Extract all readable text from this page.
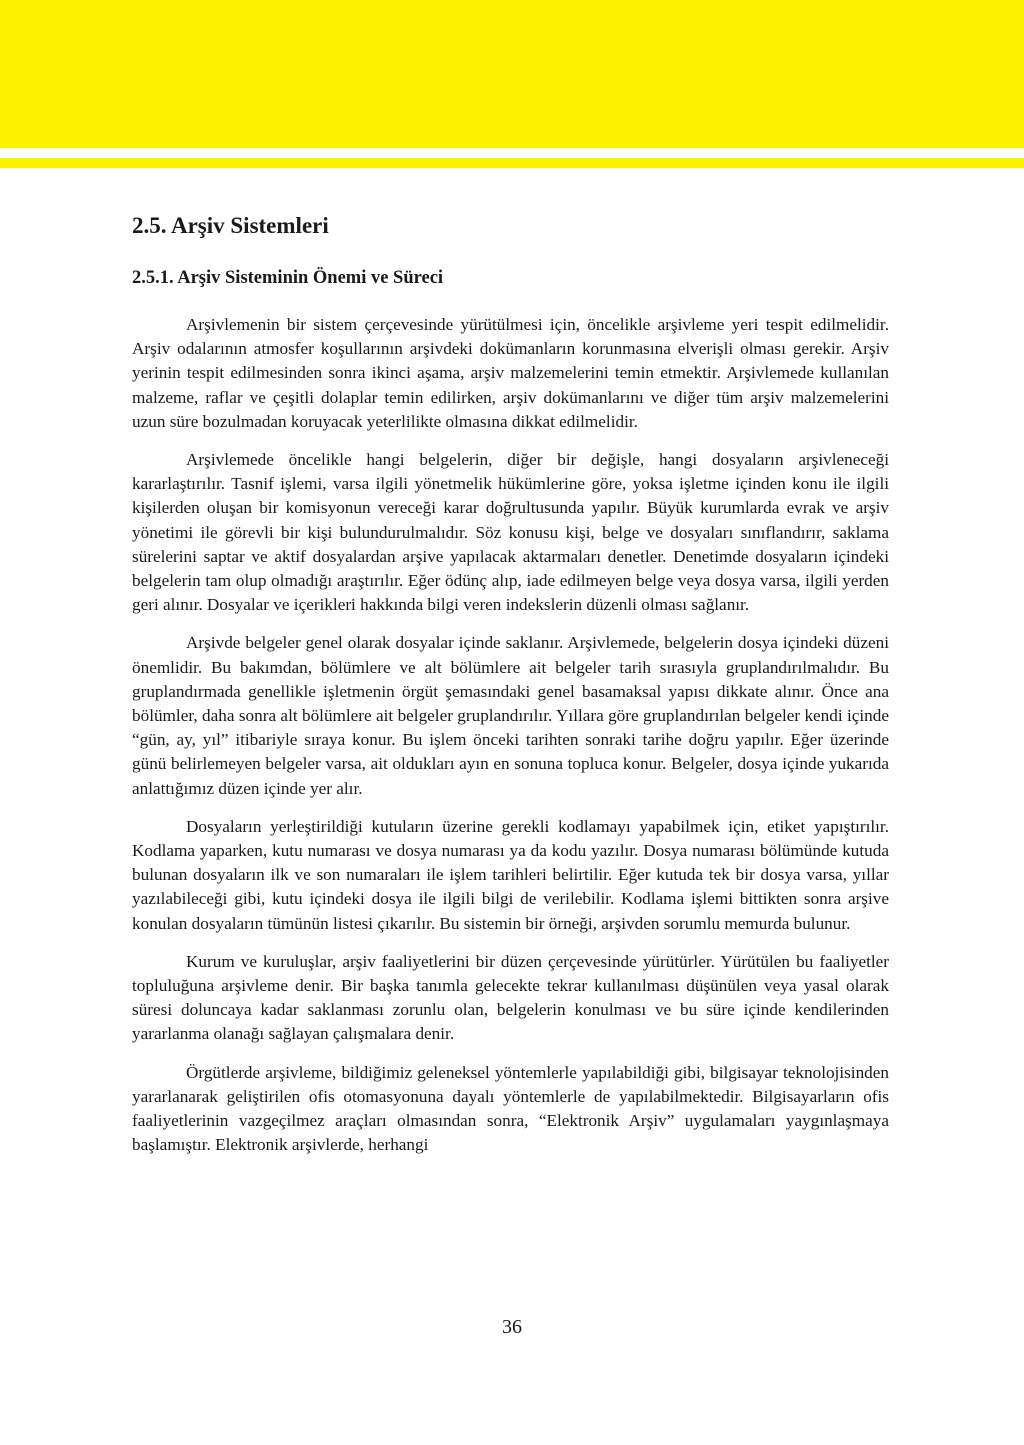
2.5. Arşiv Sistemleri
2.5.1. Arşiv Sisteminin Önemi ve Süreci

Arşivlemenin bir sistem çerçevesinde yürütülmesi için, öncelikle arşivleme yeri tespit edilmelidir. Arşiv odalarının atmosfer koşullarının arşivdeki dokümanların korunmasına elverişli olması gerekir. Arşiv yerinin tespit edilmesinden sonra ikinci aşama, arşiv malzemelerini temin etmektir. Arşivlemede kullanılan malzeme, raflar ve çeşitli dolaplar temin edilirken, arşiv dokümanlarını ve diğer tüm arşiv malzemelerini uzun süre bozulmadan koruyacak yeterlilikte olmasına dikkat edilmelidir.

Arşivlemede öncelikle hangi belgelerin, diğer bir değişle, hangi dosyaların arşivleneceği kararlaştırılır. Tasnif işlemi, varsa ilgili yönetmelik hükümlerine göre, yoksa işletme içinden konu ile ilgili kişilerden oluşan bir komisyonun vereceği karar doğrultusunda yapılır. Büyük kurumlarda evrak ve arşiv yönetimi ile görevli bir kişi bulundurulmalıdır. Söz konusu kişi, belge ve dosyaları sınıflandırır, saklama sürelerini saptar ve aktif dosyalardan arşive yapılacak aktarmaları denetler. Denetimde dosyaların içindeki belgelerin tam olup olmadığı araştırılır. Eğer ödünç alıp, iade edilmeyen belge veya dosya varsa, ilgili yerden geri alınır. Dosyalar ve içerikleri hakkında bilgi veren indekslerin düzenli olması sağlanır.

Arşivde belgeler genel olarak dosyalar içinde saklanır. Arşivlemede, belgelerin dosya içindeki düzeni önemlidir. Bu bakımdan, bölümlere ve alt bölümlere ait belgeler tarih sırasıyla gruplandırılmalıdır. Bu gruplandırmada genellikle işletmenin örgüt şemasındaki genel basamaksal yapısı dikkate alınır. Önce ana bölümler, daha sonra alt bölümlere ait belgeler gruplandırılır. Yıllara göre gruplandırılan belgeler kendi içinde “gün, ay, yıl” itibariyle sıraya konur. Bu işlem önceki tarihten sonraki tarihe doğru yapılır. Eğer üzerinde günü belirlemeyen belgeler varsa, ait oldukları ayın en sonuna topluca konur. Belgeler, dosya içinde yukarıda anlattığımız düzen içinde yer alır.

Dosyaların yerleştirildiği kutuların üzerine gerekli kodlamayı yapabilmek için, etiket yapıştırılır. Kodlama yaparken, kutu numarası ve dosya numarası ya da kodu yazılır. Dosya numarası bölümünde kutuda bulunan dosyaların ilk ve son numaraları ile işlem tarihleri belirtilir. Eğer kutuda tek bir dosya varsa, yıllar yazılabileceği gibi, kutu içindeki dosya ile ilgili bilgi de verilebilir. Kodlama işlemi bittikten sonra arşive konulan dosyaların tümünün listesi çıkarılır. Bu sistemin bir örneği, arşivden sorumlu memurda bulunur.

Kurum ve kuruluşlar, arşiv faaliyetlerini bir düzen çerçevesinde yürütürler. Yürütülen bu faaliyetler topluluğuna arşivleme denir. Bir başka tanımla gelecekte tekrar kullanılması düşünülen veya yasal olarak süresi doluncaya kadar saklanması zorunlu olan, belgelerin konulması ve bu süre içinde kendilerinden yararlanma olanağı sağlayan çalışmalara denir.

Örgütlerde arşivleme, bildiğimiz geleneksel yöntemlerle yapılabildiği gibi, bilgisayar teknolojisinden yararlanarak geliştirilen ofis otomasyonuna dayalı yöntemlerle de yapılabilmektedir. Bilgisayarların ofis faaliyetlerinin vazgeçilmez araçları olmasından sonra, “Elektronik Arşiv” uygulamaları yaygınlaşmaya başlamıştır. Elektronik arşivlerde, herhangi

36
